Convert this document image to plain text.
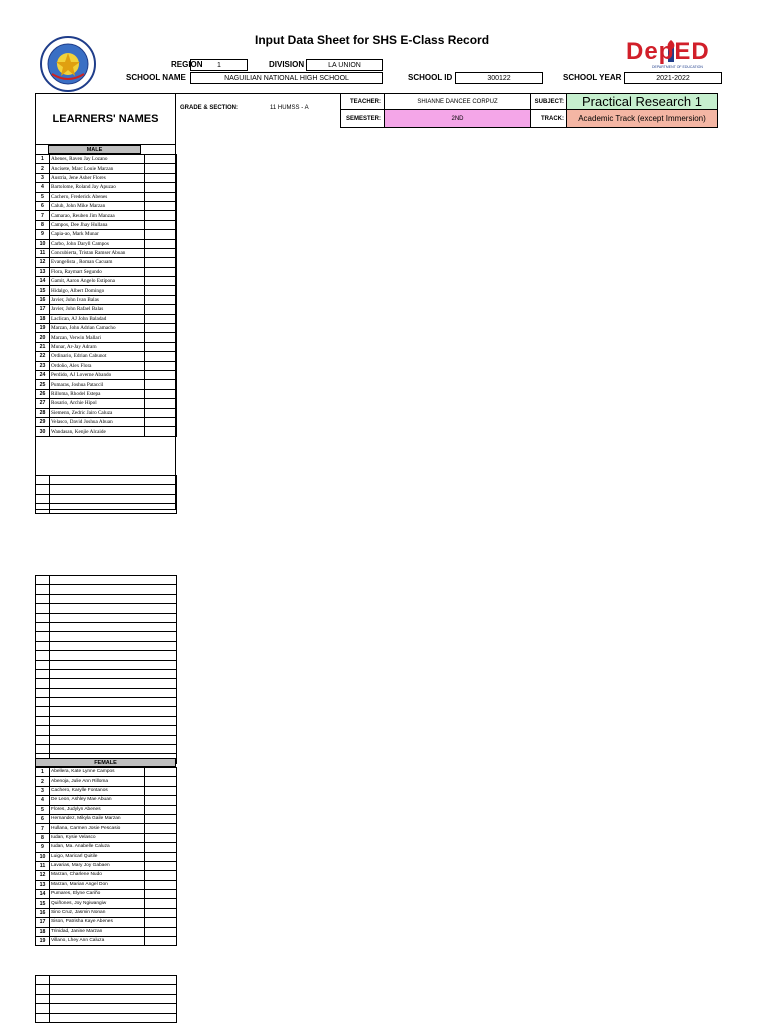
Input Data Sheet for SHS E-Class Record	DepED
DEPARTMENT OF EDUCATION
REGION	1	DIVISION	LA UNION
SCHOOL NAME	NAGUILIAN NATIONAL HIGH SCHOOL	SCHOOL ID	300122	SCHOOL YEAR	2021-2022
LEARNERS' NAMES
GRADE & SECTION:	11 HUMSS - A
TEACHER:	SHIANNE DANCEE CORPUZ
SEMESTER:	2ND
SUBJECT:	Practical Research 1
TRACK:	Academic Track (except Immersion)
MALE
1	Abenes, Raven Jay Lozano	
2	Ancisete, Marc Louie Marzan	
3	Austria, Jene Asher Flores	
4	Bartolome, Roland Jay Apuzao	
5	Cachero, Frederick Abenes	
6	Calub, John Mike Marzan	
7	Camarao, Reuben Jim Manzaa	
8	Campos, Dee Jhay Hullana	
9	Capia-ao, Mark Munar	
10	Carbo, John Daryll Campos	
11	Concubierta, Tristan Ramser Abuan	
12	Evangelista , Roman Cacuam	
13	Flora, Raymart Segundo	
14	Gamit, Aaron Angelo Estipona	
15	Hidalgo, Albert Domingo	
16	Javier, John Ivan Balas	
17	Javier, John Rafael Balas	
18	Laclican, AJ John Baladad	
19	Marzan, John Adrian Camacho	
20	Marzan, Verwin Mallari	
21	Munar, Ar-Jay Adrarn	
22	Ordinario, Edrian Cabunot	
23	Ordoño, Alex Flora	
24	Perdido, AJ Loverne Abando	
25	Pumaras, Joshua Pataccil	
26	Rilloma, Rhodel Estepa	
27	Rosario, Archie Hipol	
28	Siemenn, Zedric Jairo Caluza	
29	Velasco, David Joshua Abuan	
30	Wandasan, Kenjie Alcaide	

FEMALE
1	Abellera, Kate Lynne Campos	
2	Abenoja, Julie Ann Rilloma	
3	Cachero, Karylle Fontanos	
4	De Leon, Ashley Mae Abuan	
5	Flores, Judylyn Abenes	
6	Hernandez, Mikyla Gaile Marzan	
7	Hullana, Carmen Josie Pescasio	
8	Iudan, Kysie Velasco	
9	Iudan, Ma. Anabelle Caluza	
10	Luigo, Maricarl Quitile	
11	Lavarias, Mary Joy Gabaen	
12	Marzan, Charlene Nudo	
13	Marzan, Marian Angel Don	
14	Pumares, Elyne Cariño	
15	Quiñones, Joy Ngiwangiw	
16	Sino Cruz, Jasmin Nonan	
17	Sison, Patrisha Kaye Abenes	
18	Trinidad, Janine Marzan	
19	Villano, Lhey Ann Caluza	
